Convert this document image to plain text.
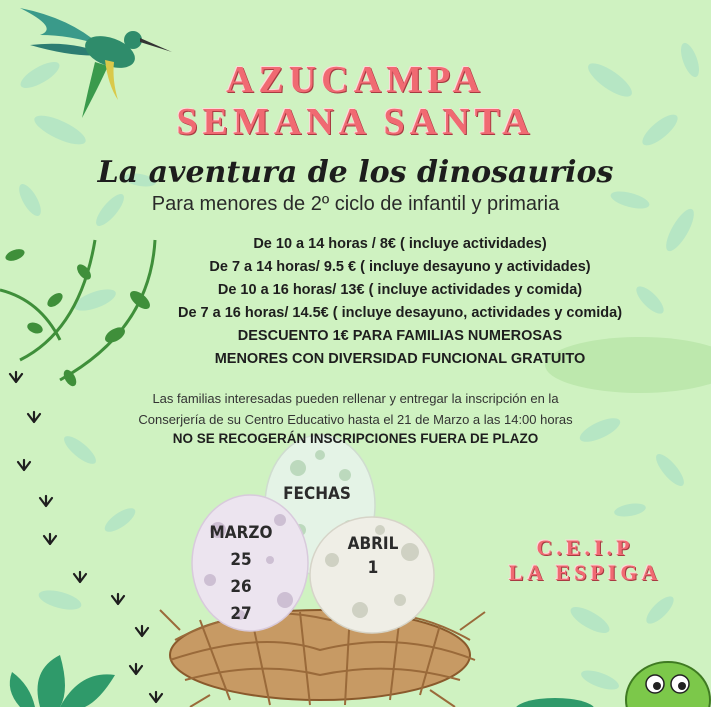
AZUCAMPA
SEMANA SANTA
La aventura de los dinosaurios

Para menores de 2º ciclo de infantil y primaria

De 10 a 14 horas / 8€ ( incluye actividades)
De 7 a 14 horas/ 9.5 € ( incluye desayuno y actividades)
De 10 a 16 horas/ 13€ ( incluye actividades y comida)
De 7 a 16 horas/ 14.5€ ( incluye desayuno, actividades y comida)
DESCUENTO 1€ PARA FAMILIAS NUMEROSAS
MENORES CON DIVERSIDAD FUNCIONAL GRATUITO
Las familias interesadas pueden rellenar y entregar la inscripción en la
Conserjería de su Centro Educativo hasta el 21 de Marzo a las 14:00 horas

NO SE RECOGERÁN INSCRIPCIONES FUERA DE PLAZO

FECHAS
MARZO
25
26
27
ABRIL
1
C.E.I.P
LA ESPIGA
